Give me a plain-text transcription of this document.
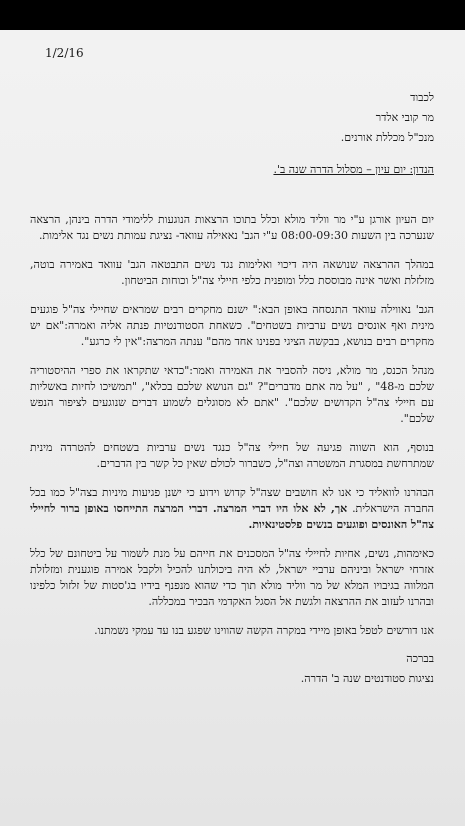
1/2/16
לכבוד
מר קובי אלדר
מנכ"ל מכללת אורנים.
הנדון: יום עיון – מסלול הדרה שנה ב'.

יום העיון אורגן ע"י מר ווליד מולא וכלל בתוכו הרצאות הנוגעות ללימודי הדרה בינהן, הרצאה שנערכה בין השעות 08:00-09:30 ע"י הגב' נאאילה עוואד- נציגת עמותת נשים נגד אלימות.

במהלך ההרצאה שנושאה היה דיכוי ואלימות נגד נשים התבטאה הגב' עוואד באמירה בוטה, מזלזלת ואשר אינה מבוססת כלל ומופנית כלפי חיילי צה"ל וכוחות הביטחון.

הגב' נאווילה עוואד התנסחה באופן הבא:" ישנם מחקרים רבים שמראים שחיילי צה"ל פוגעים מינית ואף אונסים נשים ערביות בשטחים". כשאחת הסטודנטיות פנתה אליה ואמרה:"אם יש מחקרים רבים בנושא, בבקשה הציגי בפנינו אחד מהם" ענתה המרצה:"אין לי כרגע".

מנהל הכנס, מר מולא, ניסה להסביר את האמירה ואמר:"כדאי שתקראו את ספרי ההיסטוריה שלכם מ-48" , "על מה אתם מדברים"? "גם הנושא שלכם בכלא", "תמשיכו לחיות באשליות עם חיילי צה"ל הקדושים שלכם". "אתם לא מסוגלים לשמוע דברים שנוגעים לציפור הנפש שלכם".

בנוסף, הוא השווה פגיעה של חיילי צה"ל כנגד נשים ערביות בשטחים להטרדה מינית שמתרחשת במסגרת המשטרה וצה"ל, כשברור לכולם שאין כל קשר בין הדברים.

הבהרנו לוואליד כי אנו לא חושבים שצה"ל קדוש וידוע כי ישנן פגיעות מיניות בצה"ל כמו בכל החברה הישראלית. אך, לא אלו היו דברי המרצה. דברי המרצה התייחסו באופן ברור לחיילי צה"ל האונסים ופוגעים בנשים פלסטינאיות.

כאימהות, נשים, אחיות לחיילי צה"ל המסכנים את חייהם על מנת לשמור על ביטחונם של כלל אזרחי ישראל וביניהם ערביי ישראל, לא היה ביכולתנו להכיל ולקבל אמירה פוגענית ומזלזלת המלווה בגיבויו המלא של מר ווליד מולא תוך כדי שהוא מנפנף בידיו בג'סטות של זלזול כלפינו ובהרנו לעזוב את ההרצאה ולגשת אל הסגל האקדמי הבכיר במכללה.

אנו דורשים לטפל באופן מיידי במקרה הקשה שהווינו שפגע בנו עד עמקי נשמתנו.

בברכה
נציגות סטודנטים שנה ב' הדרה.
